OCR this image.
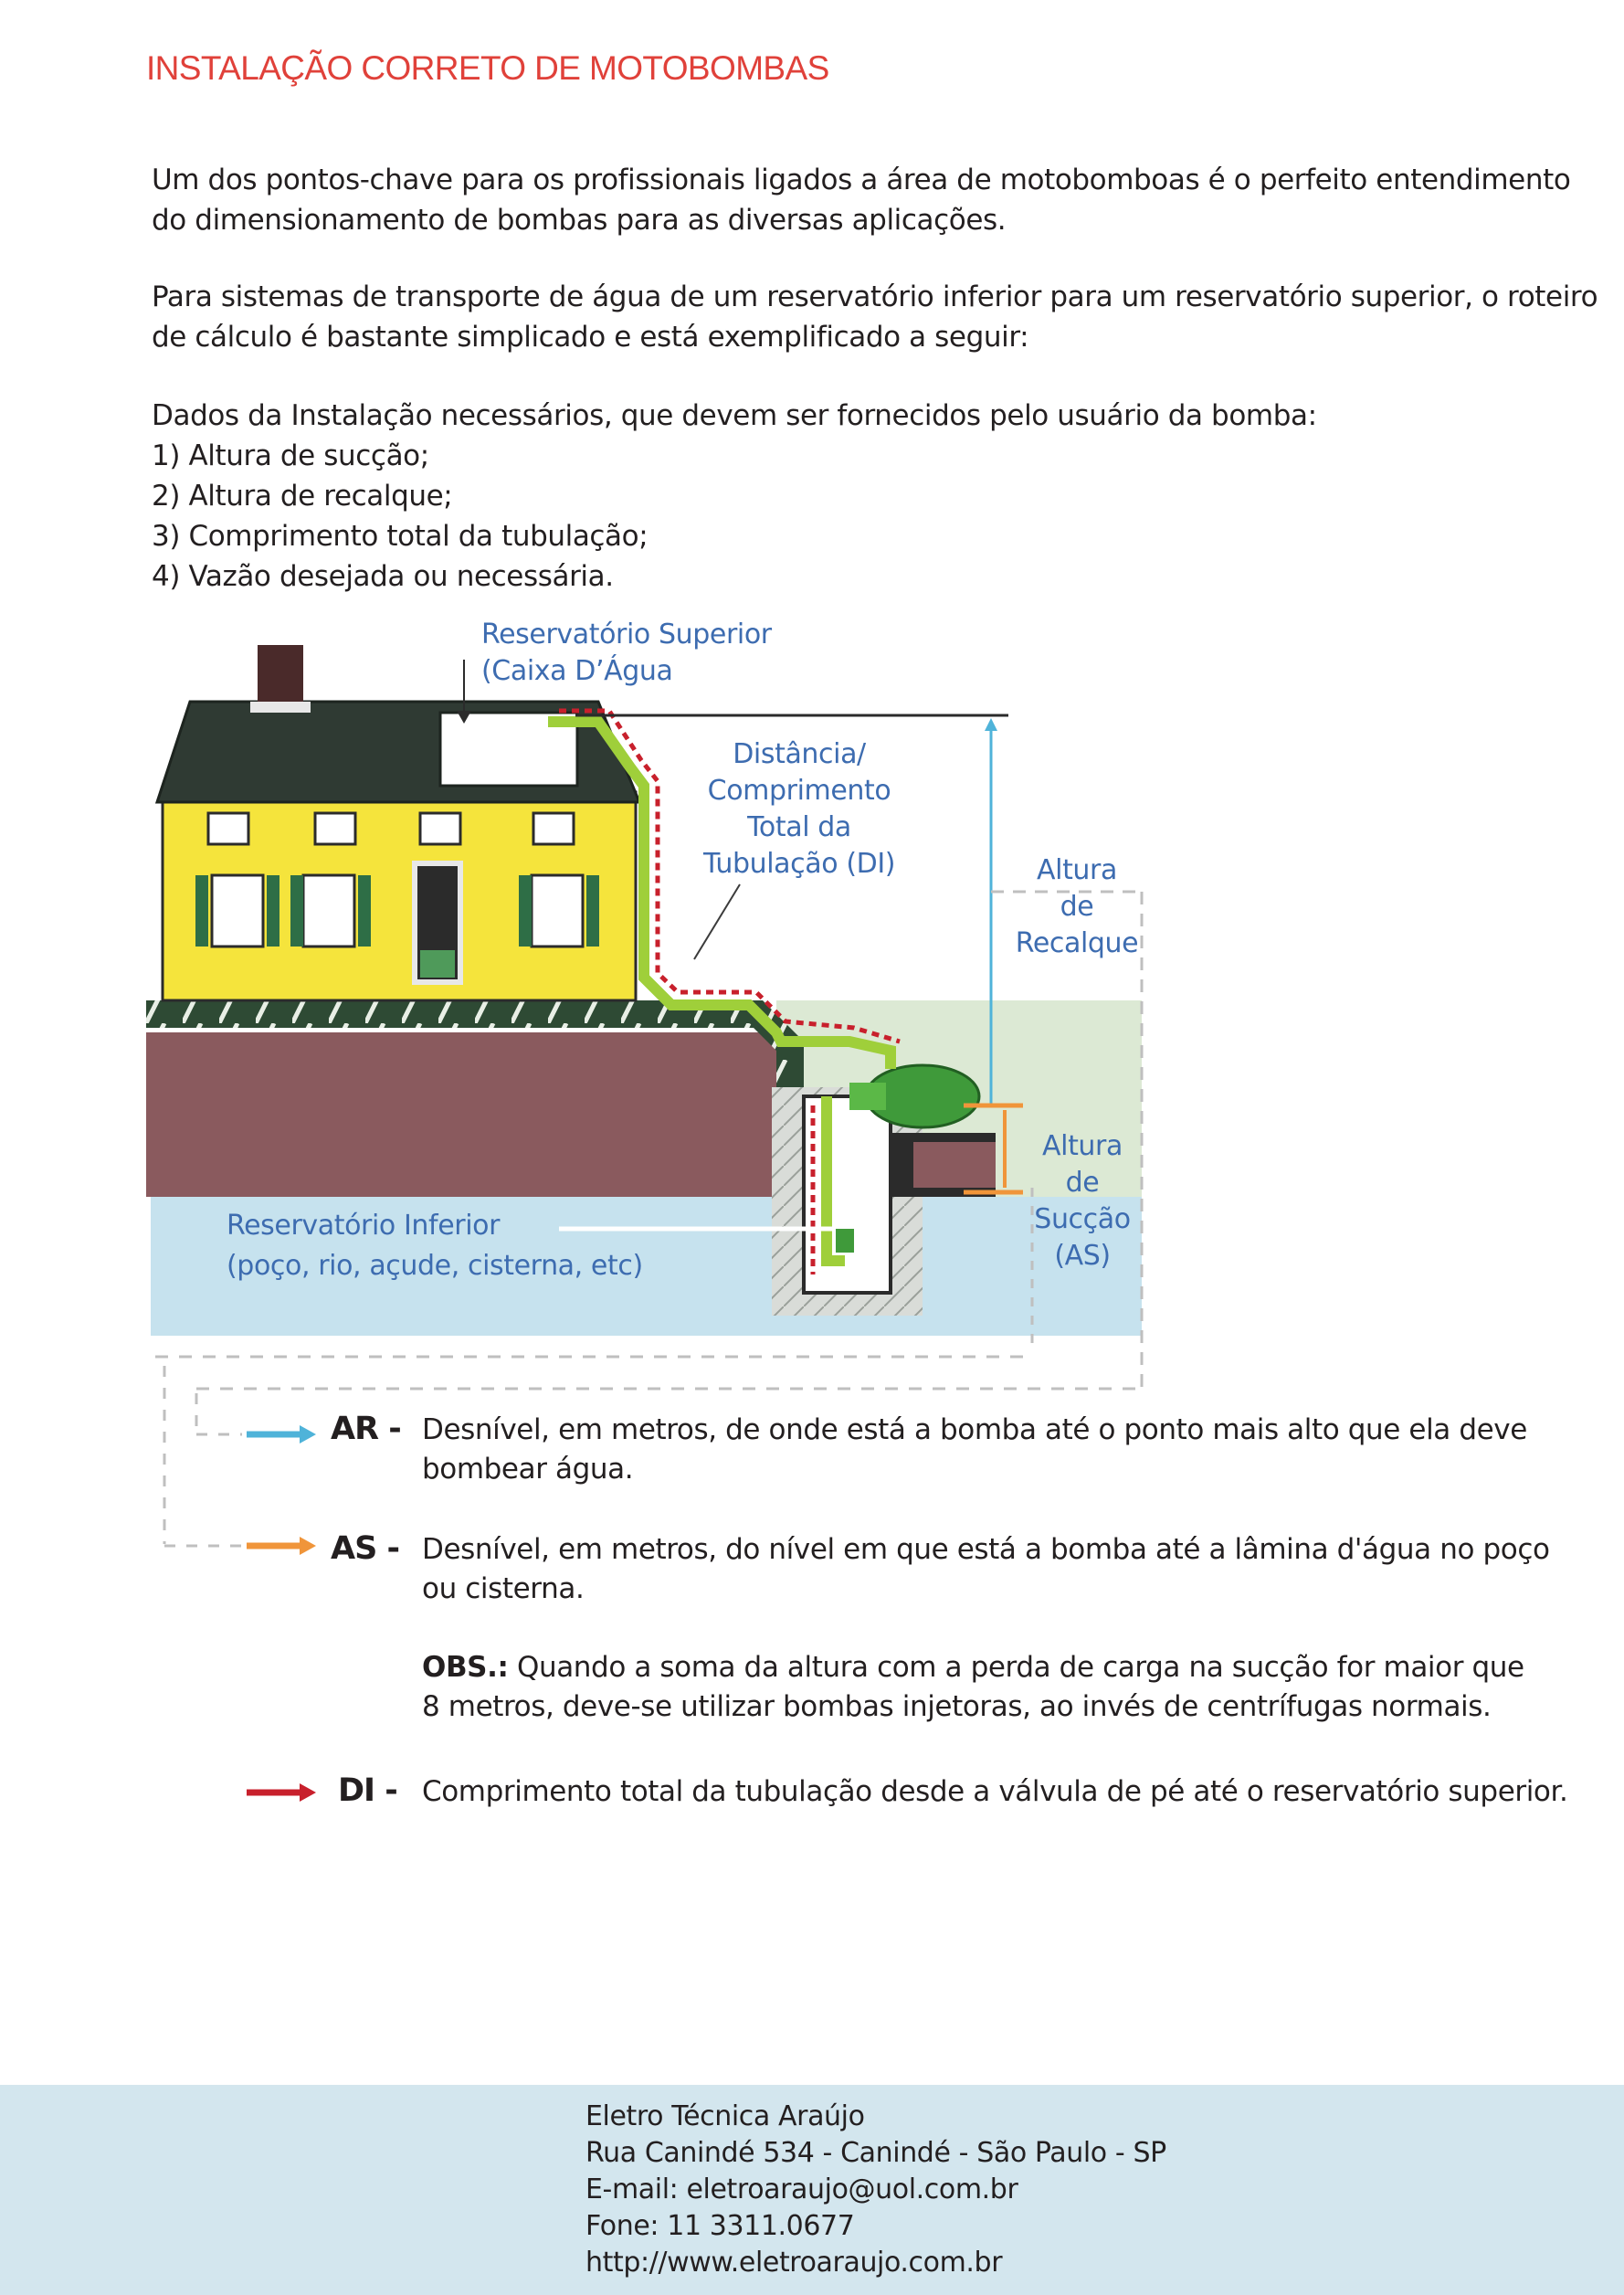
INSTALAÇÃO CORRETO DE MOTOBOMBAS
Um dos pontos-chave para os profissionais ligados a área de motobomboas é o perfeito entendimento
do dimensionamento de bombas para as diversas aplicações.
Para sistemas de transporte de água de um reservatório inferior para um reservatório superior, o roteiro
de cálculo é bastante simplicado e está exemplificado a seguir:
Dados da Instalação necessários, que devem ser fornecidos pelo usuário da bomba:
1) Altura de sucção;
2) Altura de recalque;
3) Comprimento total da tubulação;
4) Vazão desejada ou necessária.
Reservatório Superior
(Caixa D’Água
Distância/
Comprimento
Total da
Tubulação (DI)	Altura
de
Recalque
Altura
de
Sucção
(AS)
Reservatório Inferior
(poço, rio, açude, cisterna, etc)
AR - Desnível, em metros, de onde está a bomba até o ponto mais alto que ela deve
bombear água.
AS - Desnível, em metros, do nível em que está a bomba até a lâmina d'água no poço
ou cisterna.
OBS.: Quando a soma da altura com a perda de carga na sucção for maior que
8 metros, deve-se utilizar bombas injetoras, ao invés de centrífugas normais.
DI - Comprimento total da tubulação desde a válvula de pé até o reservatório superior.
Eletro Técnica Araújo
Rua Canindé 534 - Canindé - São Paulo - SP
E-mail: eletroaraujo@uol.com.br
Fone: 11 3311.0677
http://www.eletroaraujo.com.br
